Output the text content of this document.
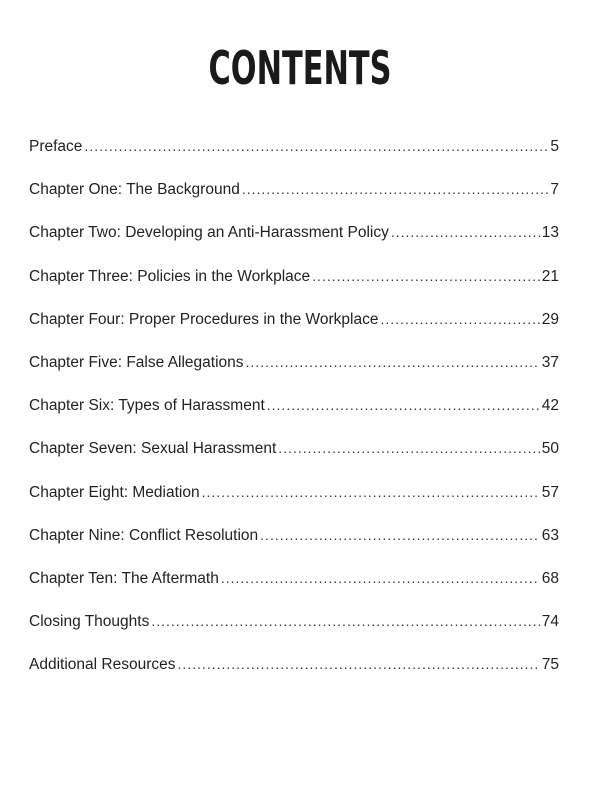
CONTENTS
Preface .....	5
Chapter One: The Background .....	7
Chapter Two: Developing an Anti-Harassment Policy .....	13
Chapter Three: Policies in the Workplace .....	21
Chapter Four: Proper Procedures in the Workplace .....	29
Chapter Five: False Allegations .....	37
Chapter Six: Types of Harassment .....	42
Chapter Seven: Sexual Harassment .....	50
Chapter Eight: Mediation .....	57
Chapter Nine: Conflict Resolution .....	63
Chapter Ten: The Aftermath .....	68
Closing Thoughts .....	74
Additional Resources .....	75
